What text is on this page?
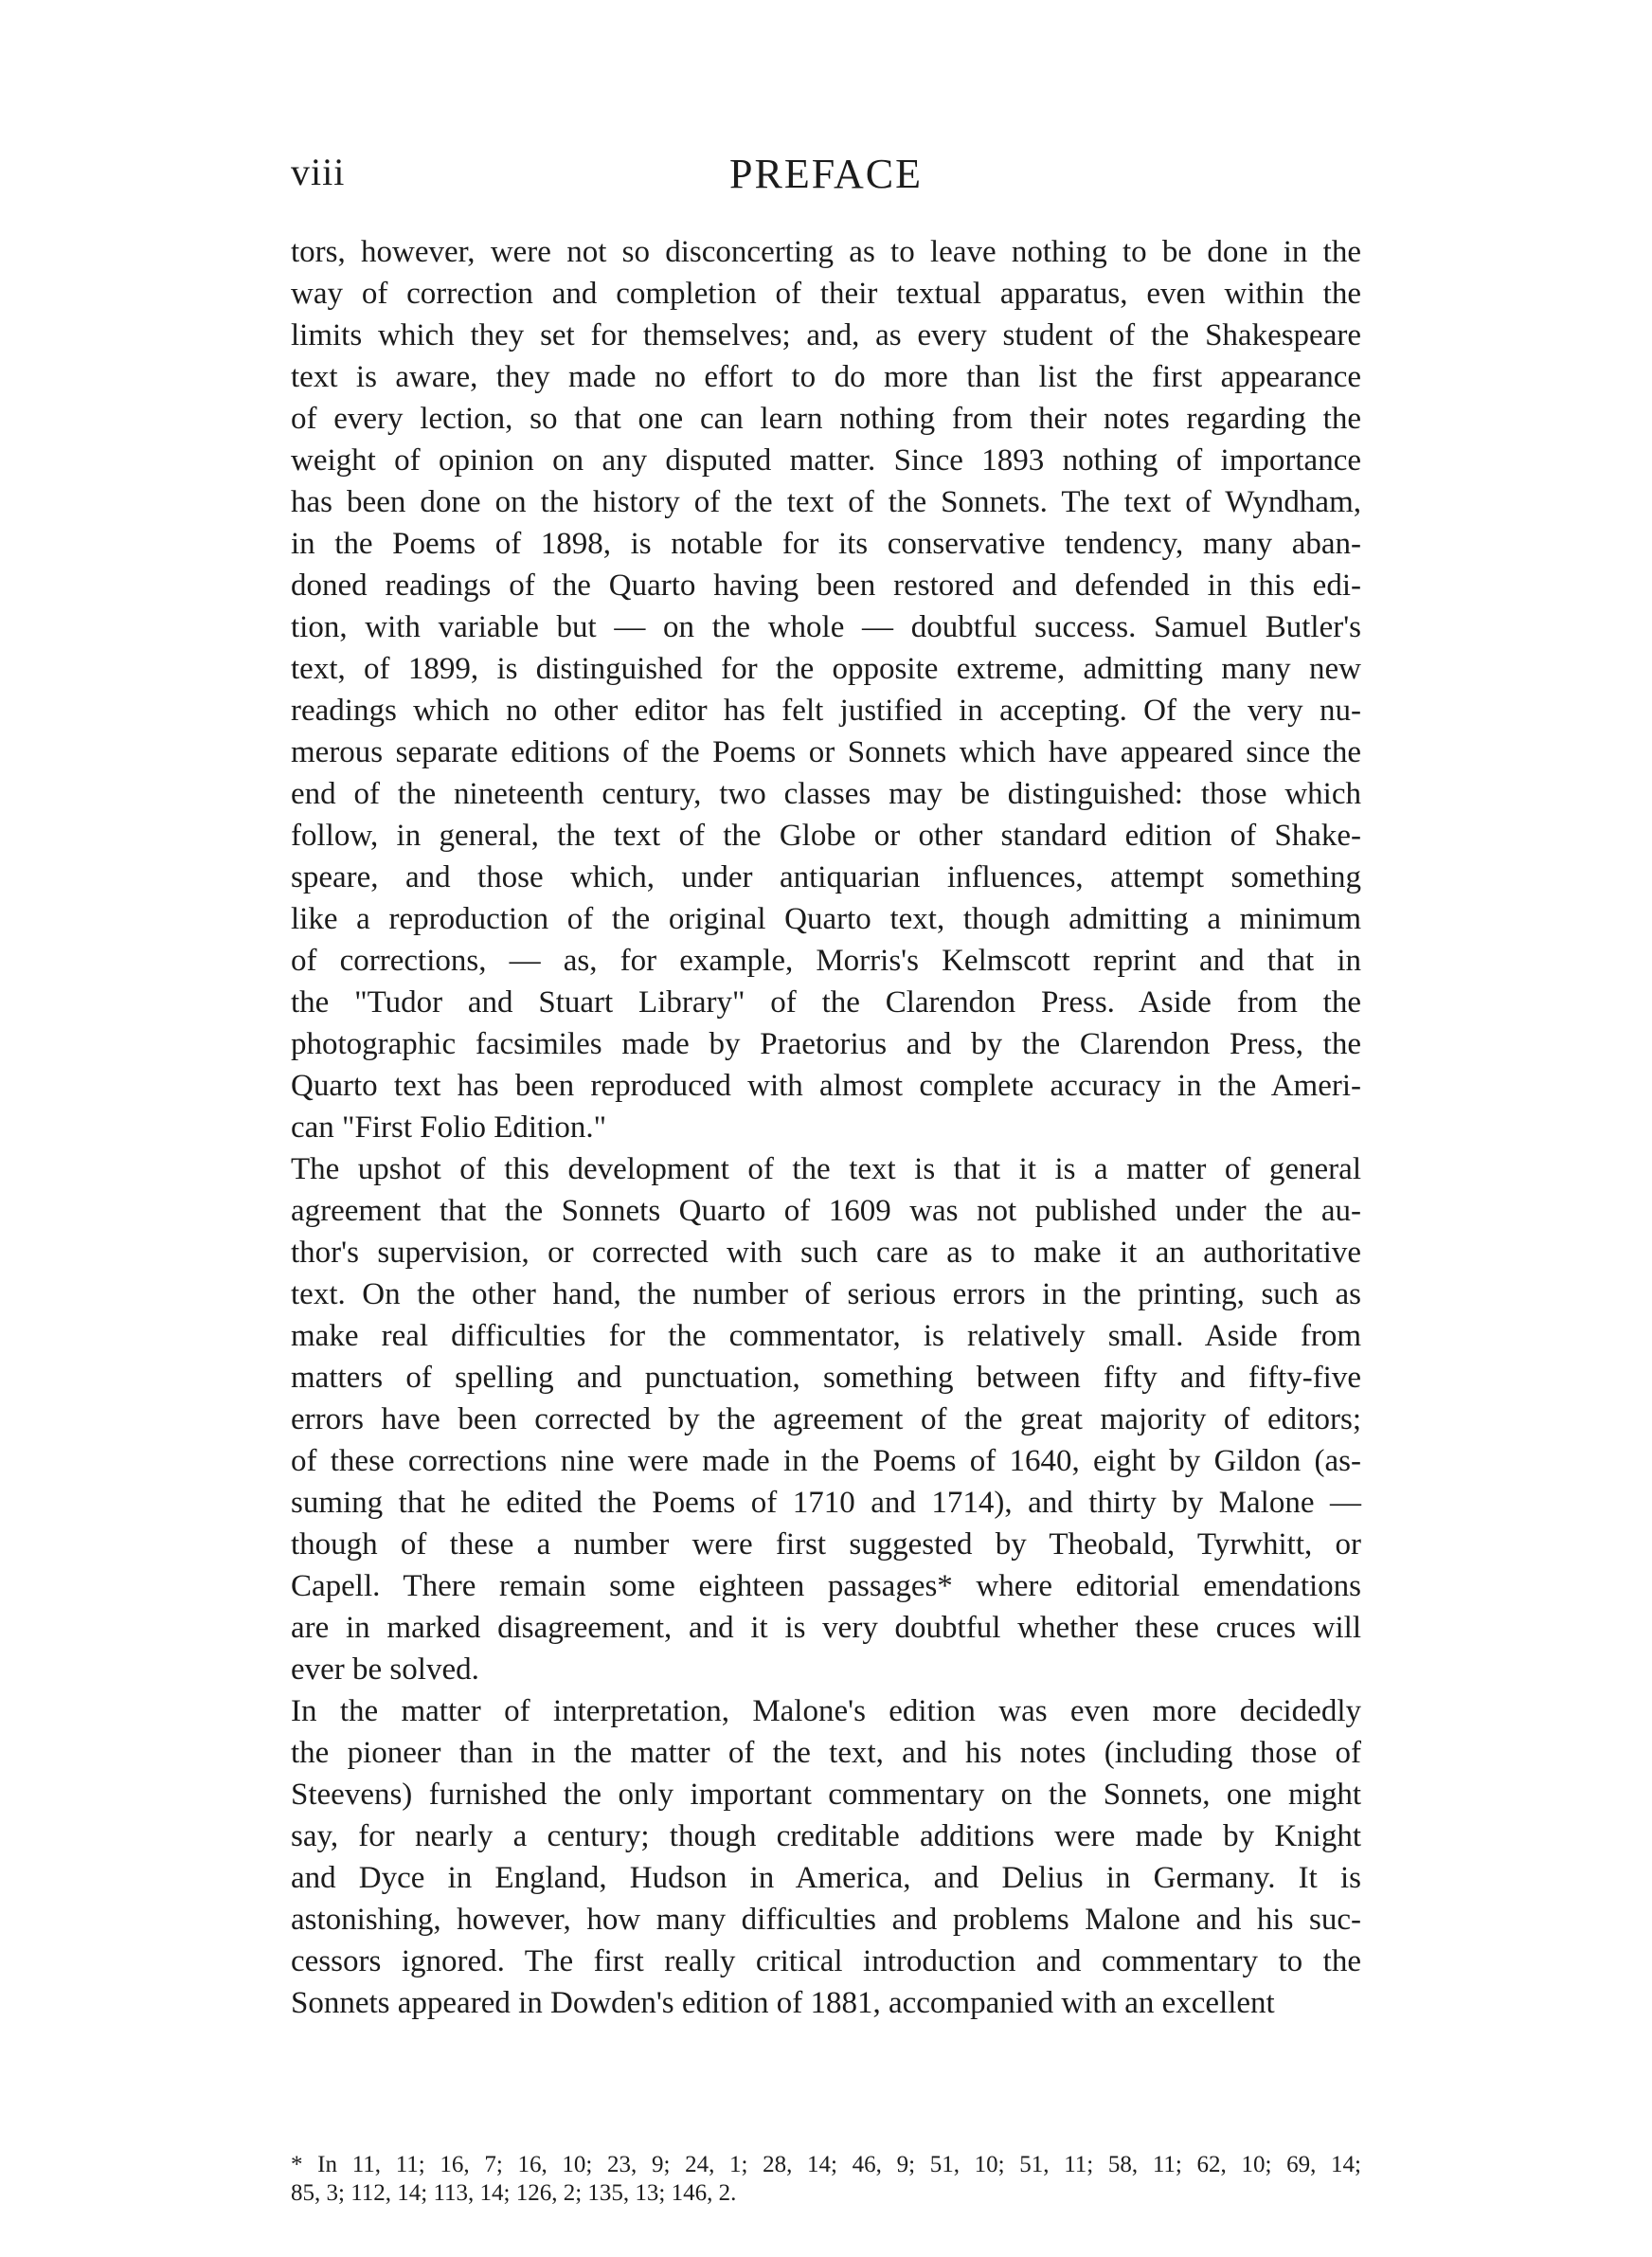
viii	PREFACE
tors, however, were not so disconcerting as to leave nothing to be done in the
way of correction and completion of their textual apparatus, even within the
limits which they set for themselves; and, as every student of the Shakespeare
text is aware, they made no effort to do more than list the first appearance
of every lection, so that one can learn nothing from their notes regarding the
weight of opinion on any disputed matter. Since 1893 nothing of importance
has been done on the history of the text of the Sonnets. The text of Wyndham,
in the Poems of 1898, is notable for its conservative tendency, many aban-
doned readings of the Quarto having been restored and defended in this edi-
tion, with variable but — on the whole — doubtful success. Samuel Butler's
text, of 1899, is distinguished for the opposite extreme, admitting many new
readings which no other editor has felt justified in accepting. Of the very nu-
merous separate editions of the Poems or Sonnets which have appeared since the
end of the nineteenth century, two classes may be distinguished: those which
follow, in general, the text of the Globe or other standard edition of Shake-
speare, and those which, under antiquarian influences, attempt something
like a reproduction of the original Quarto text, though admitting a minimum
of corrections, — as, for example, Morris's Kelmscott reprint and that in
the "Tudor and Stuart Library" of the Clarendon Press. Aside from the
photographic facsimiles made by Praetorius and by the Clarendon Press, the
Quarto text has been reproduced with almost complete accuracy in the Ameri-
can "First Folio Edition."
The upshot of this development of the text is that it is a matter of general
agreement that the Sonnets Quarto of 1609 was not published under the au-
thor's supervision, or corrected with such care as to make it an authoritative
text. On the other hand, the number of serious errors in the printing, such as
make real difficulties for the commentator, is relatively small. Aside from
matters of spelling and punctuation, something between fifty and fifty-five
errors have been corrected by the agreement of the great majority of editors;
of these corrections nine were made in the Poems of 1640, eight by Gildon (as-
suming that he edited the Poems of 1710 and 1714), and thirty by Malone —
though of these a number were first suggested by Theobald, Tyrwhitt, or
Capell. There remain some eighteen passages* where editorial emendations
are in marked disagreement, and it is very doubtful whether these cruces will
ever be solved.
In the matter of interpretation, Malone's edition was even more decidedly
the pioneer than in the matter of the text, and his notes (including those of
Steevens) furnished the only important commentary on the Sonnets, one might
say, for nearly a century; though creditable additions were made by Knight
and Dyce in England, Hudson in America, and Delius in Germany. It is
astonishing, however, how many difficulties and problems Malone and his suc-
cessors ignored. The first really critical introduction and commentary to the
Sonnets appeared in Dowden's edition of 1881, accompanied with an excellent
* In 11, 11; 16, 7; 16, 10; 23, 9; 24, 1; 28, 14; 46, 9; 51, 10; 51, 11; 58, 11; 62, 10; 69, 14;
85, 3; 112, 14; 113, 14; 126, 2; 135, 13; 146, 2.
